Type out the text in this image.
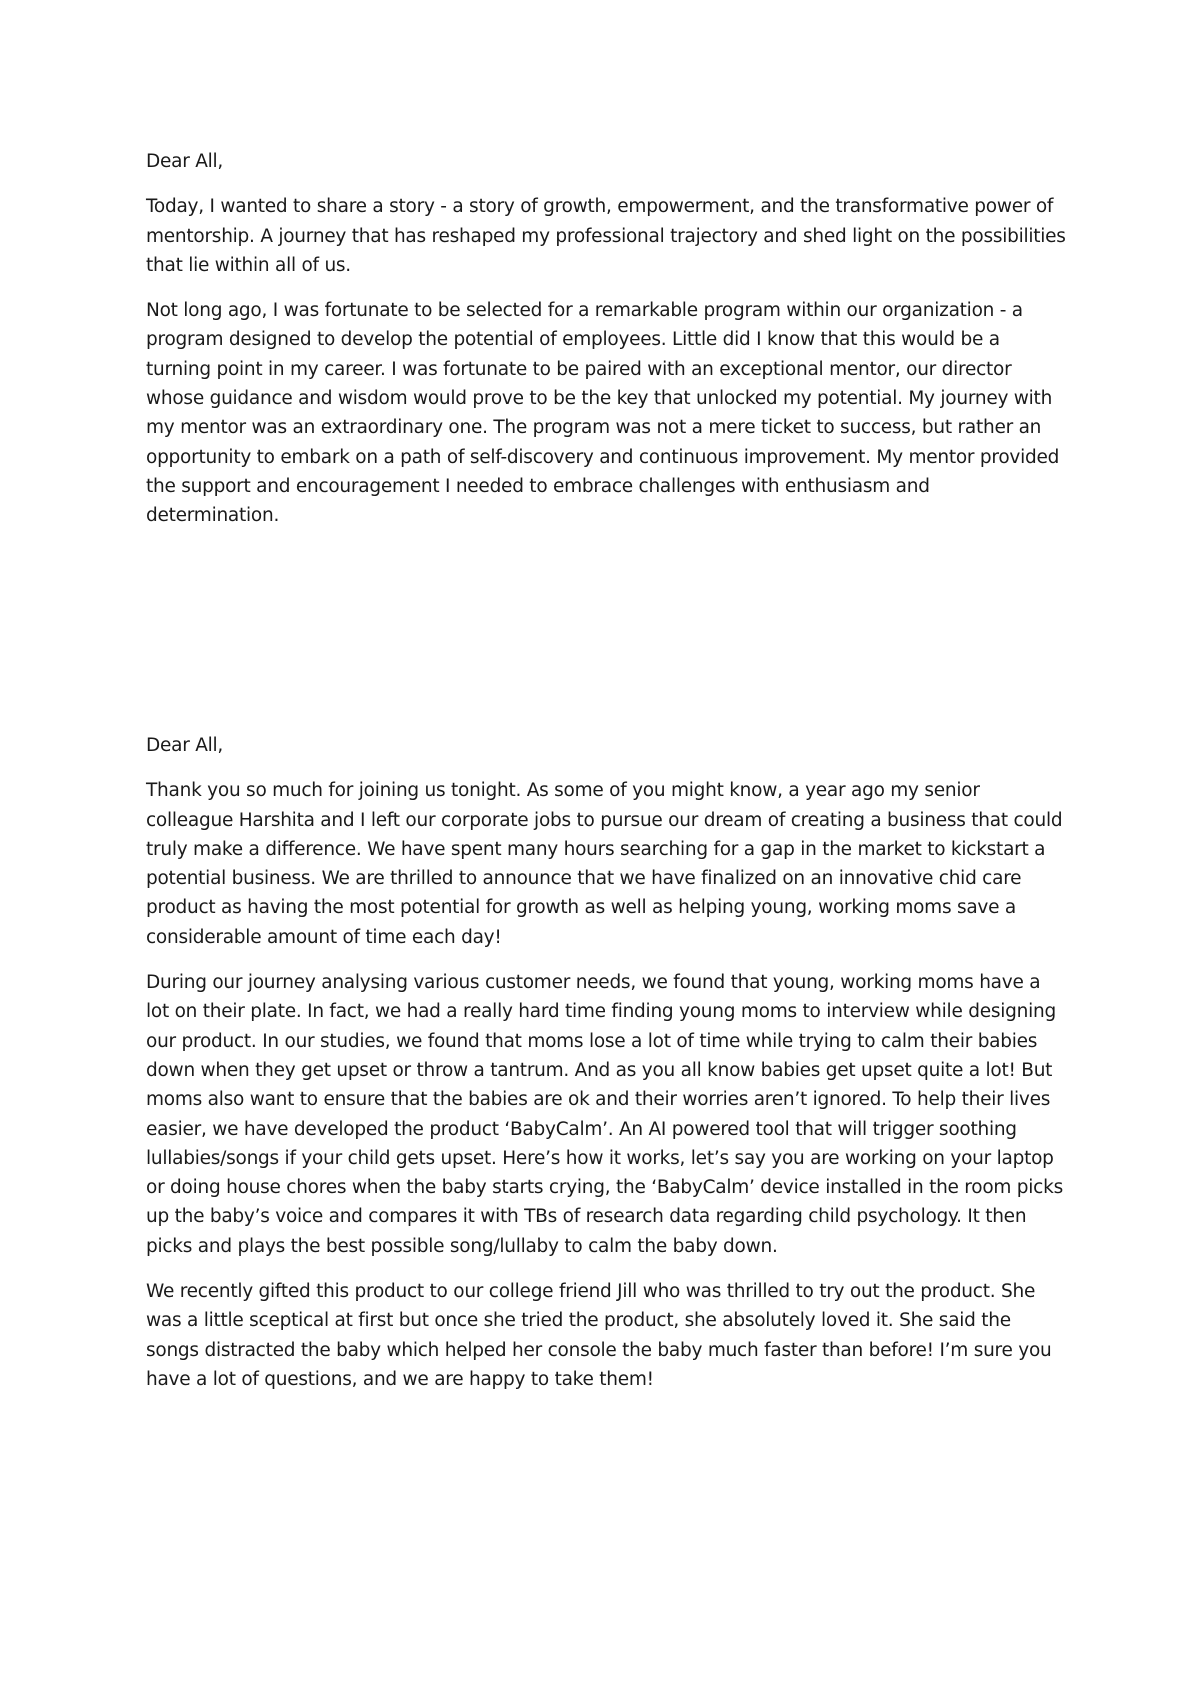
Dear All,

Today, I wanted to share a story - a story of growth, empowerment, and the transformative power of mentorship. A journey that has reshaped my professional trajectory and shed light on the possibilities that lie within all of us.

Not long ago, I was fortunate to be selected for a remarkable program within our organization - a program designed to develop the potential of employees. Little did I know that this would be a turning point in my career. I was fortunate to be paired with an exceptional mentor, our director whose guidance and wisdom would prove to be the key that unlocked my potential. My journey with my mentor was an extraordinary one. The program was not a mere ticket to success, but rather an opportunity to embark on a path of self-discovery and continuous improvement. My mentor provided the support and encouragement I needed to embrace challenges with enthusiasm and determination.

Dear All,

Thank you so much for joining us tonight. As some of you might know, a year ago my senior colleague Harshita and I left our corporate jobs to pursue our dream of creating a business that could truly make a difference. We have spent many hours searching for a gap in the market to kickstart a potential business. We are thrilled to announce that we have finalized on an innovative chid care product as having the most potential for growth as well as helping young, working moms save a considerable amount of time each day!

During our journey analysing various customer needs, we found that young, working moms have a lot on their plate. In fact, we had a really hard time finding young moms to interview while designing our product. In our studies, we found that moms lose a lot of time while trying to calm their babies down when they get upset or throw a tantrum. And as you all know babies get upset quite a lot! But moms also want to ensure that the babies are ok and their worries aren’t ignored. To help their lives easier, we have developed the product ‘BabyCalm’. An AI powered tool that will trigger soothing lullabies/songs if your child gets upset. Here’s how it works, let’s say you are working on your laptop or doing house chores when the baby starts crying, the ‘BabyCalm’ device installed in the room picks up the baby’s voice and compares it with TBs of research data regarding child psychology. It then picks and plays the best possible song/lullaby to calm the baby down.

We recently gifted this product to our college friend Jill who was thrilled to try out the product. She was a little sceptical at first but once she tried the product, she absolutely loved it. She said the songs distracted the baby which helped her console the baby much faster than before! I’m sure you have a lot of questions, and we are happy to take them!
